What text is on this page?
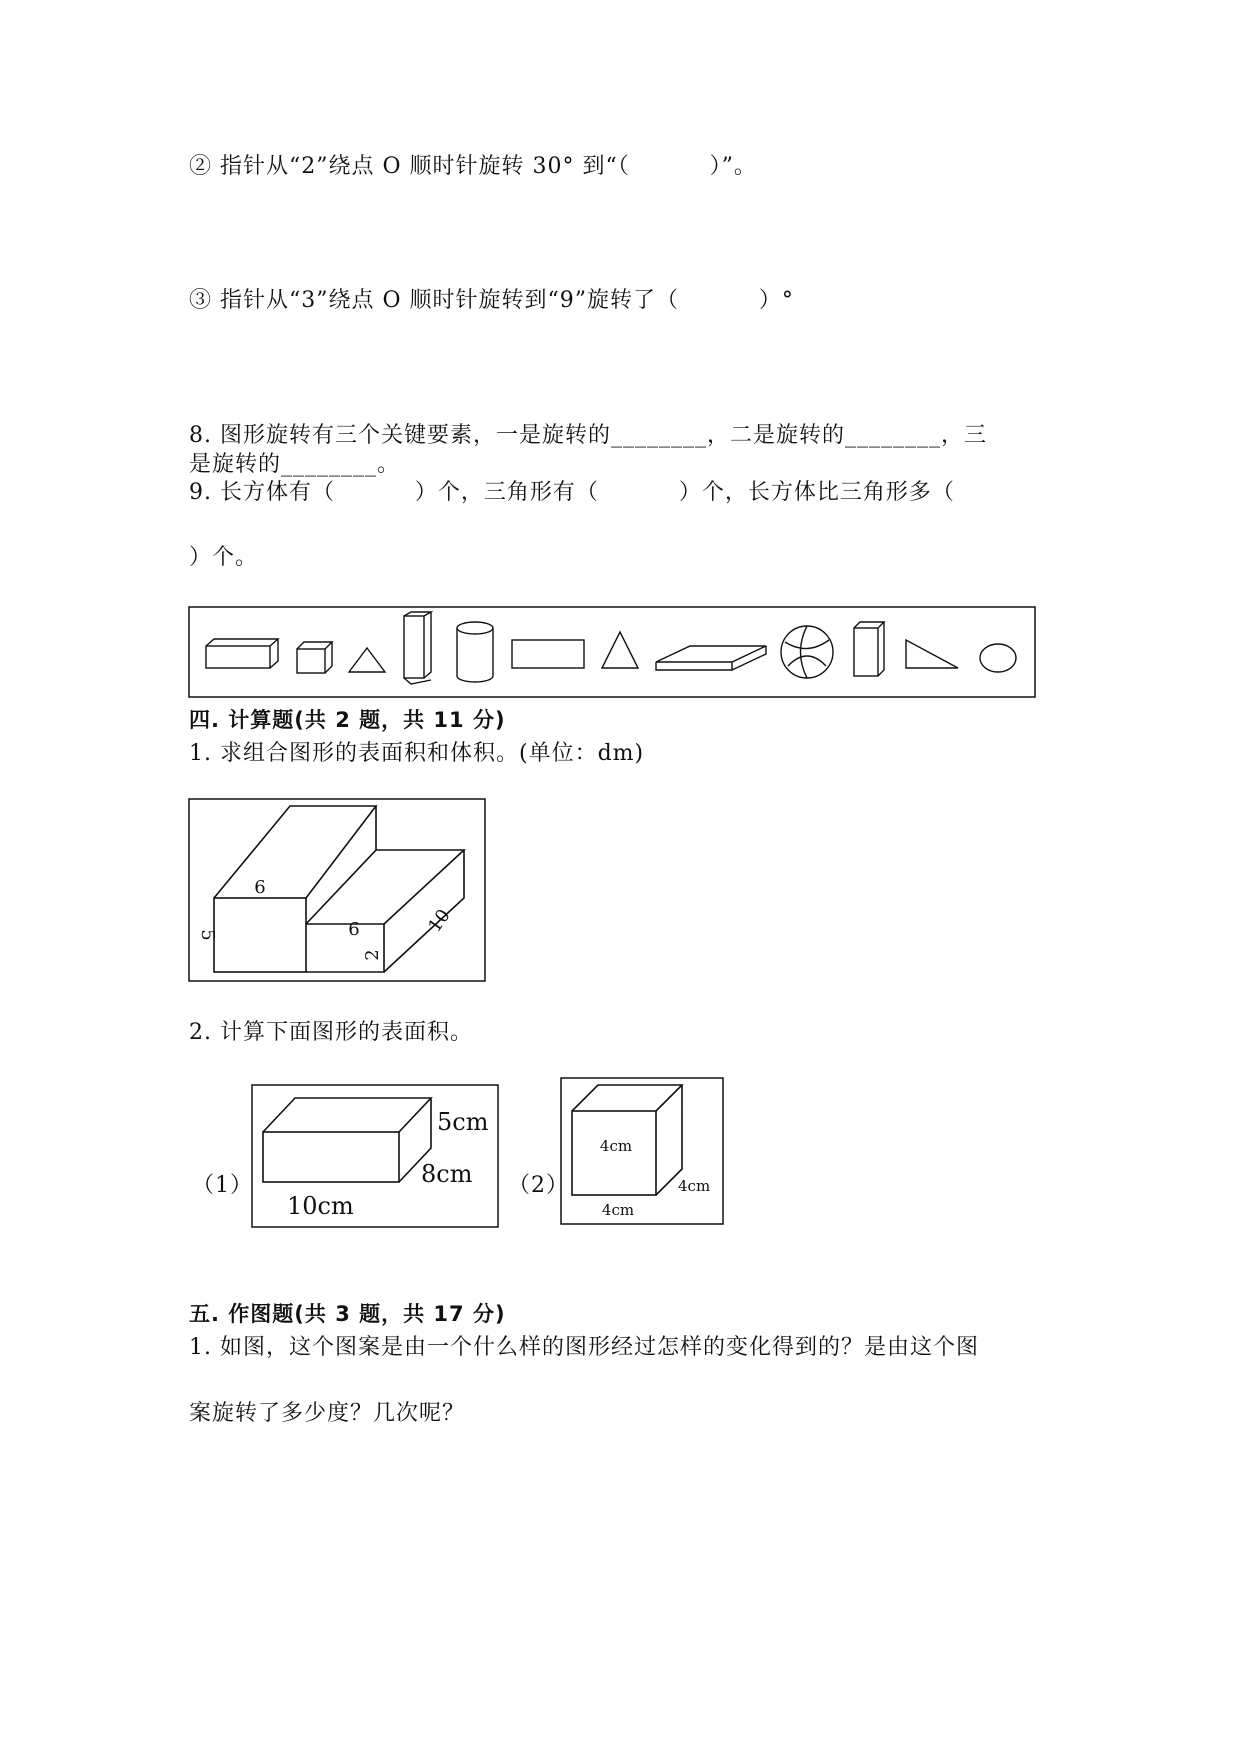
② 指针从“2”绕点 O 顺时针旋转 30° 到“（          ）”。
③ 指针从“3”绕点 O 顺时针旋转到“9”旋转了（          ）°
8. 图形旋转有三个关键要素，一是旋转的________，二是旋转的________，三
是旋转的________。
9. 长方体有（          ）个，三角形有（          ）个，长方体比三角形多（
）个。
四. 计算题(共 2 题，共 11 分)
1. 求组合图形的表面积和体积。(单位：dm)
6
5	6
2
10
2. 计算下面图形的表面积。
（1）
5cm
8cm
10cm
（2）
4cm
4cm
4cm
五. 作图题(共 3 题，共 17 分)
1. 如图，这个图案是由一个什么样的图形经过怎样的变化得到的？是由这个图
案旋转了多少度？几次呢？
